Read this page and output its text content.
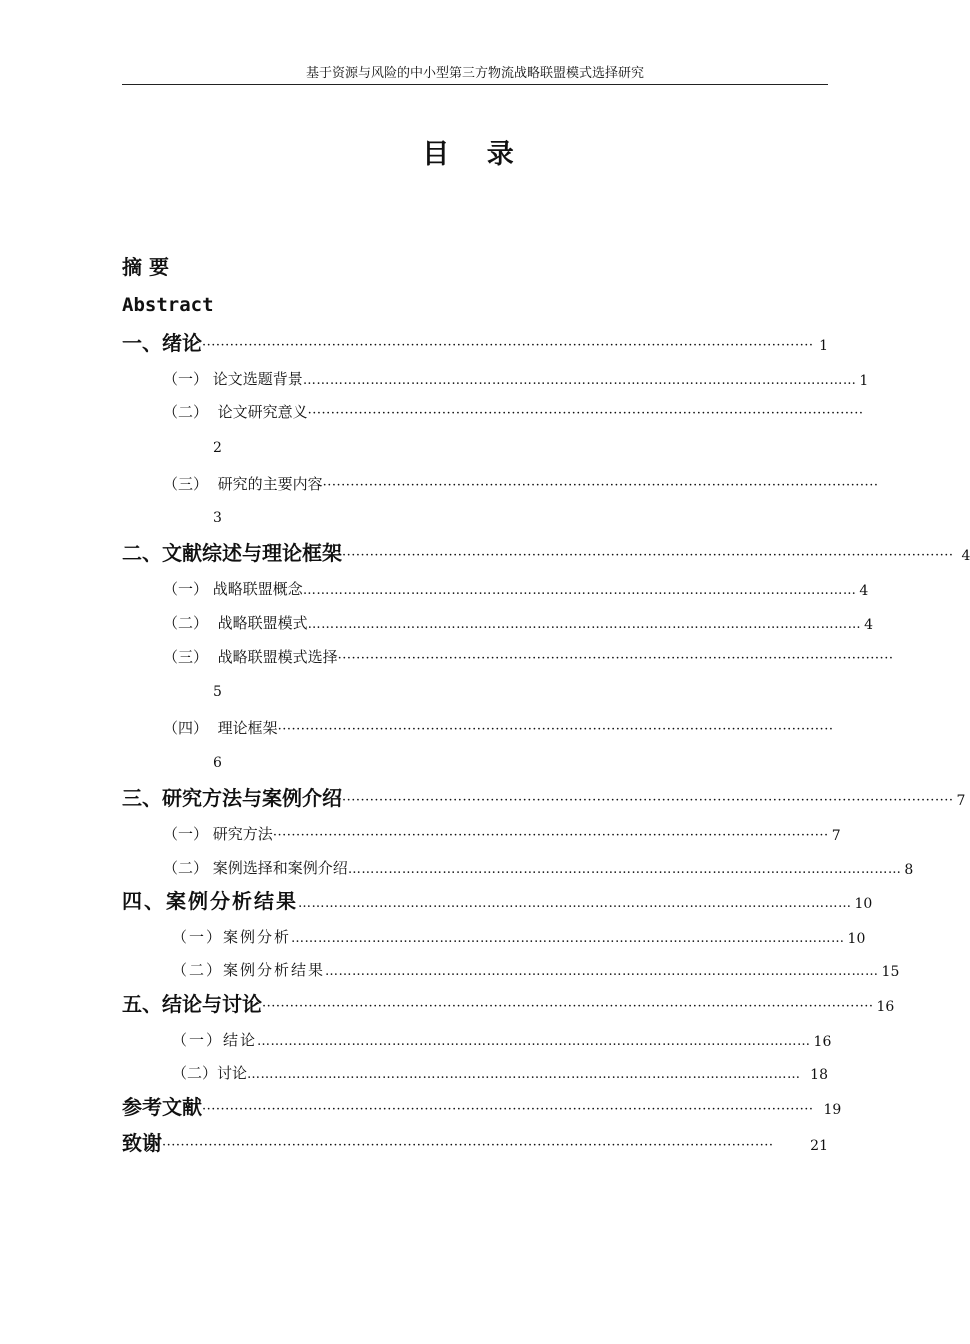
基于资源与风险的中小型第三方物流战略联盟模式选择研究
目 录
摘 要
Abstract
一、绪论 ···································································································································· 1
（一） 论文选题背景 …………………………………………………………………………………………………………… 1
（二） 论文研究意义 ························································································································
2
（三） 研究的主要内容 ························································································································
3
二、文献综述与理论框架 ···································································································································· 4
（一） 战略联盟概念 …………………………………………………………………………………………………………… 4
（二） 战略联盟模式 …………………………………………………………………………………………………………… 4
（三） 战略联盟模式选择 ························································································································
5
（四） 理论框架 ························································································································
6
三、研究方法与案例介绍 ···································································································································· 7
（一） 研究方法 ························································································································ 7
（二） 案例选择和案例介绍 …………………………………………………………………………………………………………… 8
四、案例分析结果 …………………………………………………………………………………………………………… 10
（一）案例分析 …………………………………………………………………………………………………………… 10
（二）案例分析结果 …………………………………………………………………………………………………………… 15
五、结论与讨论 ···································································································································· 16
（一）结论 …………………………………………………………………………………………………………… 16
（二）讨论 …………………………………………………………………………………………………………… 18
参考文献 ···································································································································· 19
致谢 ····································································································································	21
